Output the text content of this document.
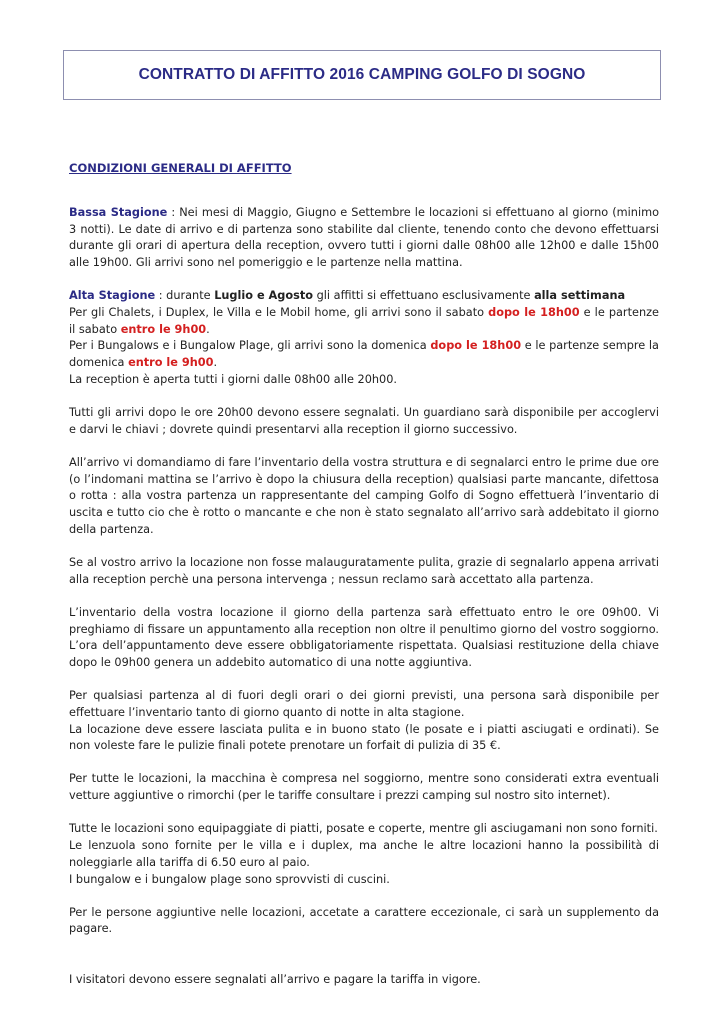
CONTRATTO DI AFFITTO 2016 CAMPING GOLFO DI SOGNO
CONDIZIONI GENERALI DI AFFITTO

Bassa Stagione : Nei mesi di Maggio, Giugno e Settembre le locazioni si effettuano al giorno (minimo 3 notti). Le date di arrivo e di partenza sono stabilite dal cliente, tenendo conto che devono effettuarsi durante gli orari di apertura della reception, ovvero tutti i giorni dalle 08h00 alle 12h00 e dalle 15h00 alle 19h00. Gli arrivi sono nel pomeriggio e le partenze nella mattina.

Alta Stagione : durante Luglio e Agosto gli affitti si effettuano esclusivamente alla settimana

Per gli Chalets, i Duplex, le Villa e le Mobil home, gli arrivi sono il sabato dopo le 18h00 e le partenze il sabato entro le 9h00.

Per i Bungalows e i Bungalow Plage, gli arrivi sono la domenica dopo le 18h00 e le partenze sempre la domenica entro le 9h00.

La reception è aperta tutti i giorni dalle 08h00 alle 20h00.

Tutti gli arrivi dopo le ore 20h00 devono essere segnalati. Un guardiano sarà disponibile per accoglervi e darvi le chiavi ; dovrete quindi presentarvi alla reception il giorno successivo.

All’arrivo vi domandiamo di fare l’inventario della vostra struttura e di segnalarci entro le prime due ore (o l’indomani mattina se l’arrivo è dopo la chiusura della reception) qualsiasi parte mancante, difettosa o rotta : alla vostra partenza un rappresentante del camping Golfo di Sogno effettuerà l’inventario di uscita e tutto cio che è rotto o mancante e che non è stato segnalato all’arrivo sarà addebitato il giorno della partenza.

Se al vostro arrivo la locazione non fosse malauguratamente pulita, grazie di segnalarlo appena arrivati alla reception perchè una persona intervenga ; nessun reclamo sarà accettato alla partenza.

L’inventario della vostra locazione il giorno della partenza sarà effettuato entro le ore 09h00. Vi preghiamo di fissare un appuntamento alla reception non oltre il penultimo giorno del vostro soggiorno. L’ora dell’appuntamento deve essere obbligatoriamente rispettata. Qualsiasi restituzione della chiave dopo le 09h00 genera un addebito automatico di una notte aggiuntiva.

Per qualsiasi partenza al di fuori degli orari o dei giorni previsti, una persona sarà disponibile per effettuare l’inventario tanto di giorno quanto di notte in alta stagione.

La locazione deve essere lasciata pulita e in buono stato (le posate e i piatti asciugati e ordinati). Se non voleste fare le pulizie finali potete prenotare un forfait di pulizia di 35 €.

Per tutte le locazioni, la macchina è compresa nel soggiorno, mentre sono considerati extra eventuali vetture aggiuntive o rimorchi (per le tariffe consultare i prezzi camping sul nostro sito internet).

Tutte le locazioni sono equipaggiate di piatti, posate e coperte, mentre gli asciugamani non sono forniti.

Le lenzuola sono fornite per le villa e i duplex, ma anche le altre locazioni hanno la possibilità di noleggiarle alla tariffa di 6.50 euro al paio.

I bungalow e i bungalow plage sono sprovvisti di cuscini.

Per le persone aggiuntive nelle locazioni, accetate a carattere eccezionale, ci sarà un supplemento da pagare.

I visitatori devono essere segnalati all’arrivo e pagare la tariffa in vigore.
